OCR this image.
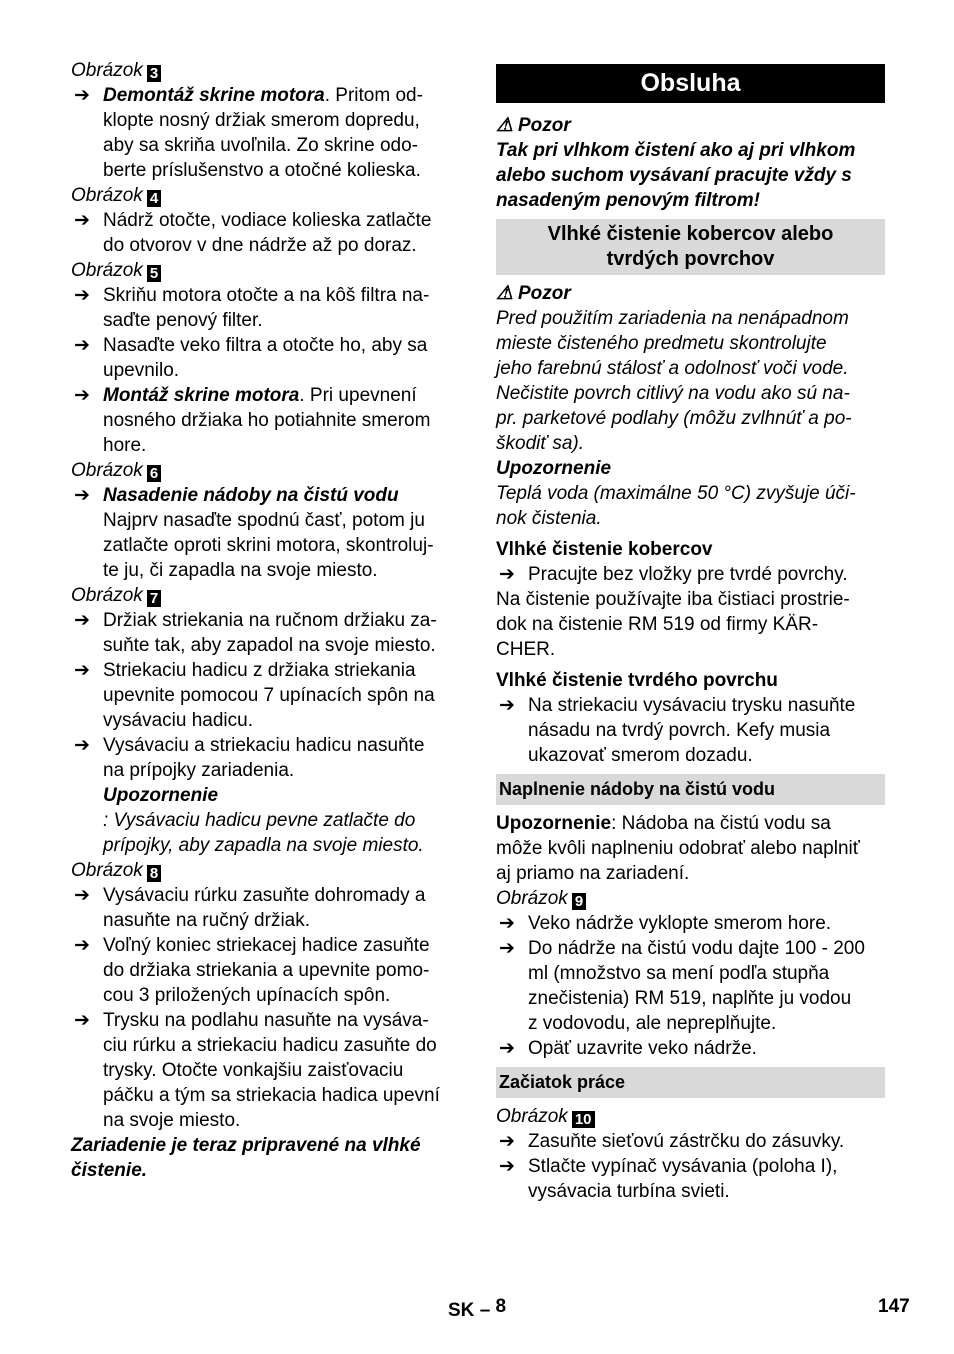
Obrázok 3
➔ Demontáž skrine motora. Pritom od-
klopte nosný držiak smerom dopredu,
aby sa skriňa uvoľnila. Zo skrine odo-
berte príslušenstvo a otočné kolieska.
Obrázok 4
➔ Nádrž otočte, vodiace kolieska zatlačte
do otvorov v dne nádrže až po doraz.
Obrázok 5
➔ Skriňu motora otočte a na kôš filtra na-
saďte penový filter.
➔ Nasaďte veko filtra a otočte ho, aby sa
upevnilo.
➔ Montáž skrine motora. Pri upevnení
nosného držiaka ho potiahnite smerom
hore.
Obrázok 6
➔ Nasadenie nádoby na čistú vodu
Najprv nasaďte spodnú časť, potom ju
zatlačte oproti skrini motora, skontroluj-
te ju, či zapadla na svoje miesto.
Obrázok 7
➔ Držiak striekania na ručnom držiaku za-
suňte tak, aby zapadol na svoje miesto.
➔ Striekaciu hadicu z držiaka striekania
upevnite pomocou 7 upínacích spôn na
vysávaciu hadicu.
➔ Vysávaciu a striekaciu hadicu nasuňte
na prípojky zariadenia.
Upozornenie
: Vysávaciu hadicu pevne zatlačte do
prípojky, aby zapadla na svoje miesto.
Obrázok 8
➔ Vysávaciu rúrku zasuňte dohromady a
nasuňte na ručný držiak.
➔ Voľný koniec striekacej hadice zasuňte
do držiaka striekania a upevnite pomo-
cou 3 priložených upínacích spôn.
➔ Trysku na podlahu nasuňte na vysáva-
ciu rúrku a striekaciu hadicu zasuňte do
trysky. Otočte vonkajšiu zaisťovaciu
páčku a tým sa striekacia hadica upevní
na svoje miesto.
Zariadenie je teraz pripravené na vlhké
čistenie.
Obsluha
⚠ Pozor
Tak pri vlhkom čistení ako aj pri vlhkom
alebo suchom vysávaní pracujte vždy s
nasadeným penovým filtrom!
Vlhké čistenie kobercov alebo
tvrdých povrchov
⚠ Pozor
Pred použitím zariadenia na nenápadnom
mieste čisteného predmetu skontrolujte
jeho farebnú stálosť a odolnosť voči vode.
Nečistite povrch citlivý na vodu ako sú na-
pr. parketové podlahy (môžu zvlhnúť a po-
škodiť sa).
Upozornenie
Teplá voda (maximálne 50 °C) zvyšuje úči-
nok čistenia.
Vlhké čistenie kobercov
➔ Pracujte bez vložky pre tvrdé povrchy.
Na čistenie používajte iba čistiaci prostrie-
dok na čistenie RM 519 od firmy KÄR-
CHER.
Vlhké čistenie tvrdého povrchu
➔ Na striekaciu vysávaciu trysku nasuňte
násadu na tvrdý povrch. Kefy musia
ukazovať smerom dozadu.
Naplnenie nádoby na čistú vodu
Upozornenie: Nádoba na čistú vodu sa
môže kvôli naplneniu odobrať alebo naplniť
aj priamo na zariadení.
Obrázok 9
➔ Veko nádrže vyklopte smerom hore.
➔ Do nádrže na čistú vodu dajte 100 - 200
ml (množstvo sa mení podľa stupňa
znečistenia) RM 519, naplňte ju vodou
z vodovodu, ale nepreplňujte.
➔ Opäť uzavrite veko nádrže.
Začiatok práce
Obrázok 10
➔ Zasuňte sieťovú zástrčku do zásuvky.
➔ Stlačte vypínač vysávania (poloha I),
vysávacia turbína svieti.
SK – 8	147
